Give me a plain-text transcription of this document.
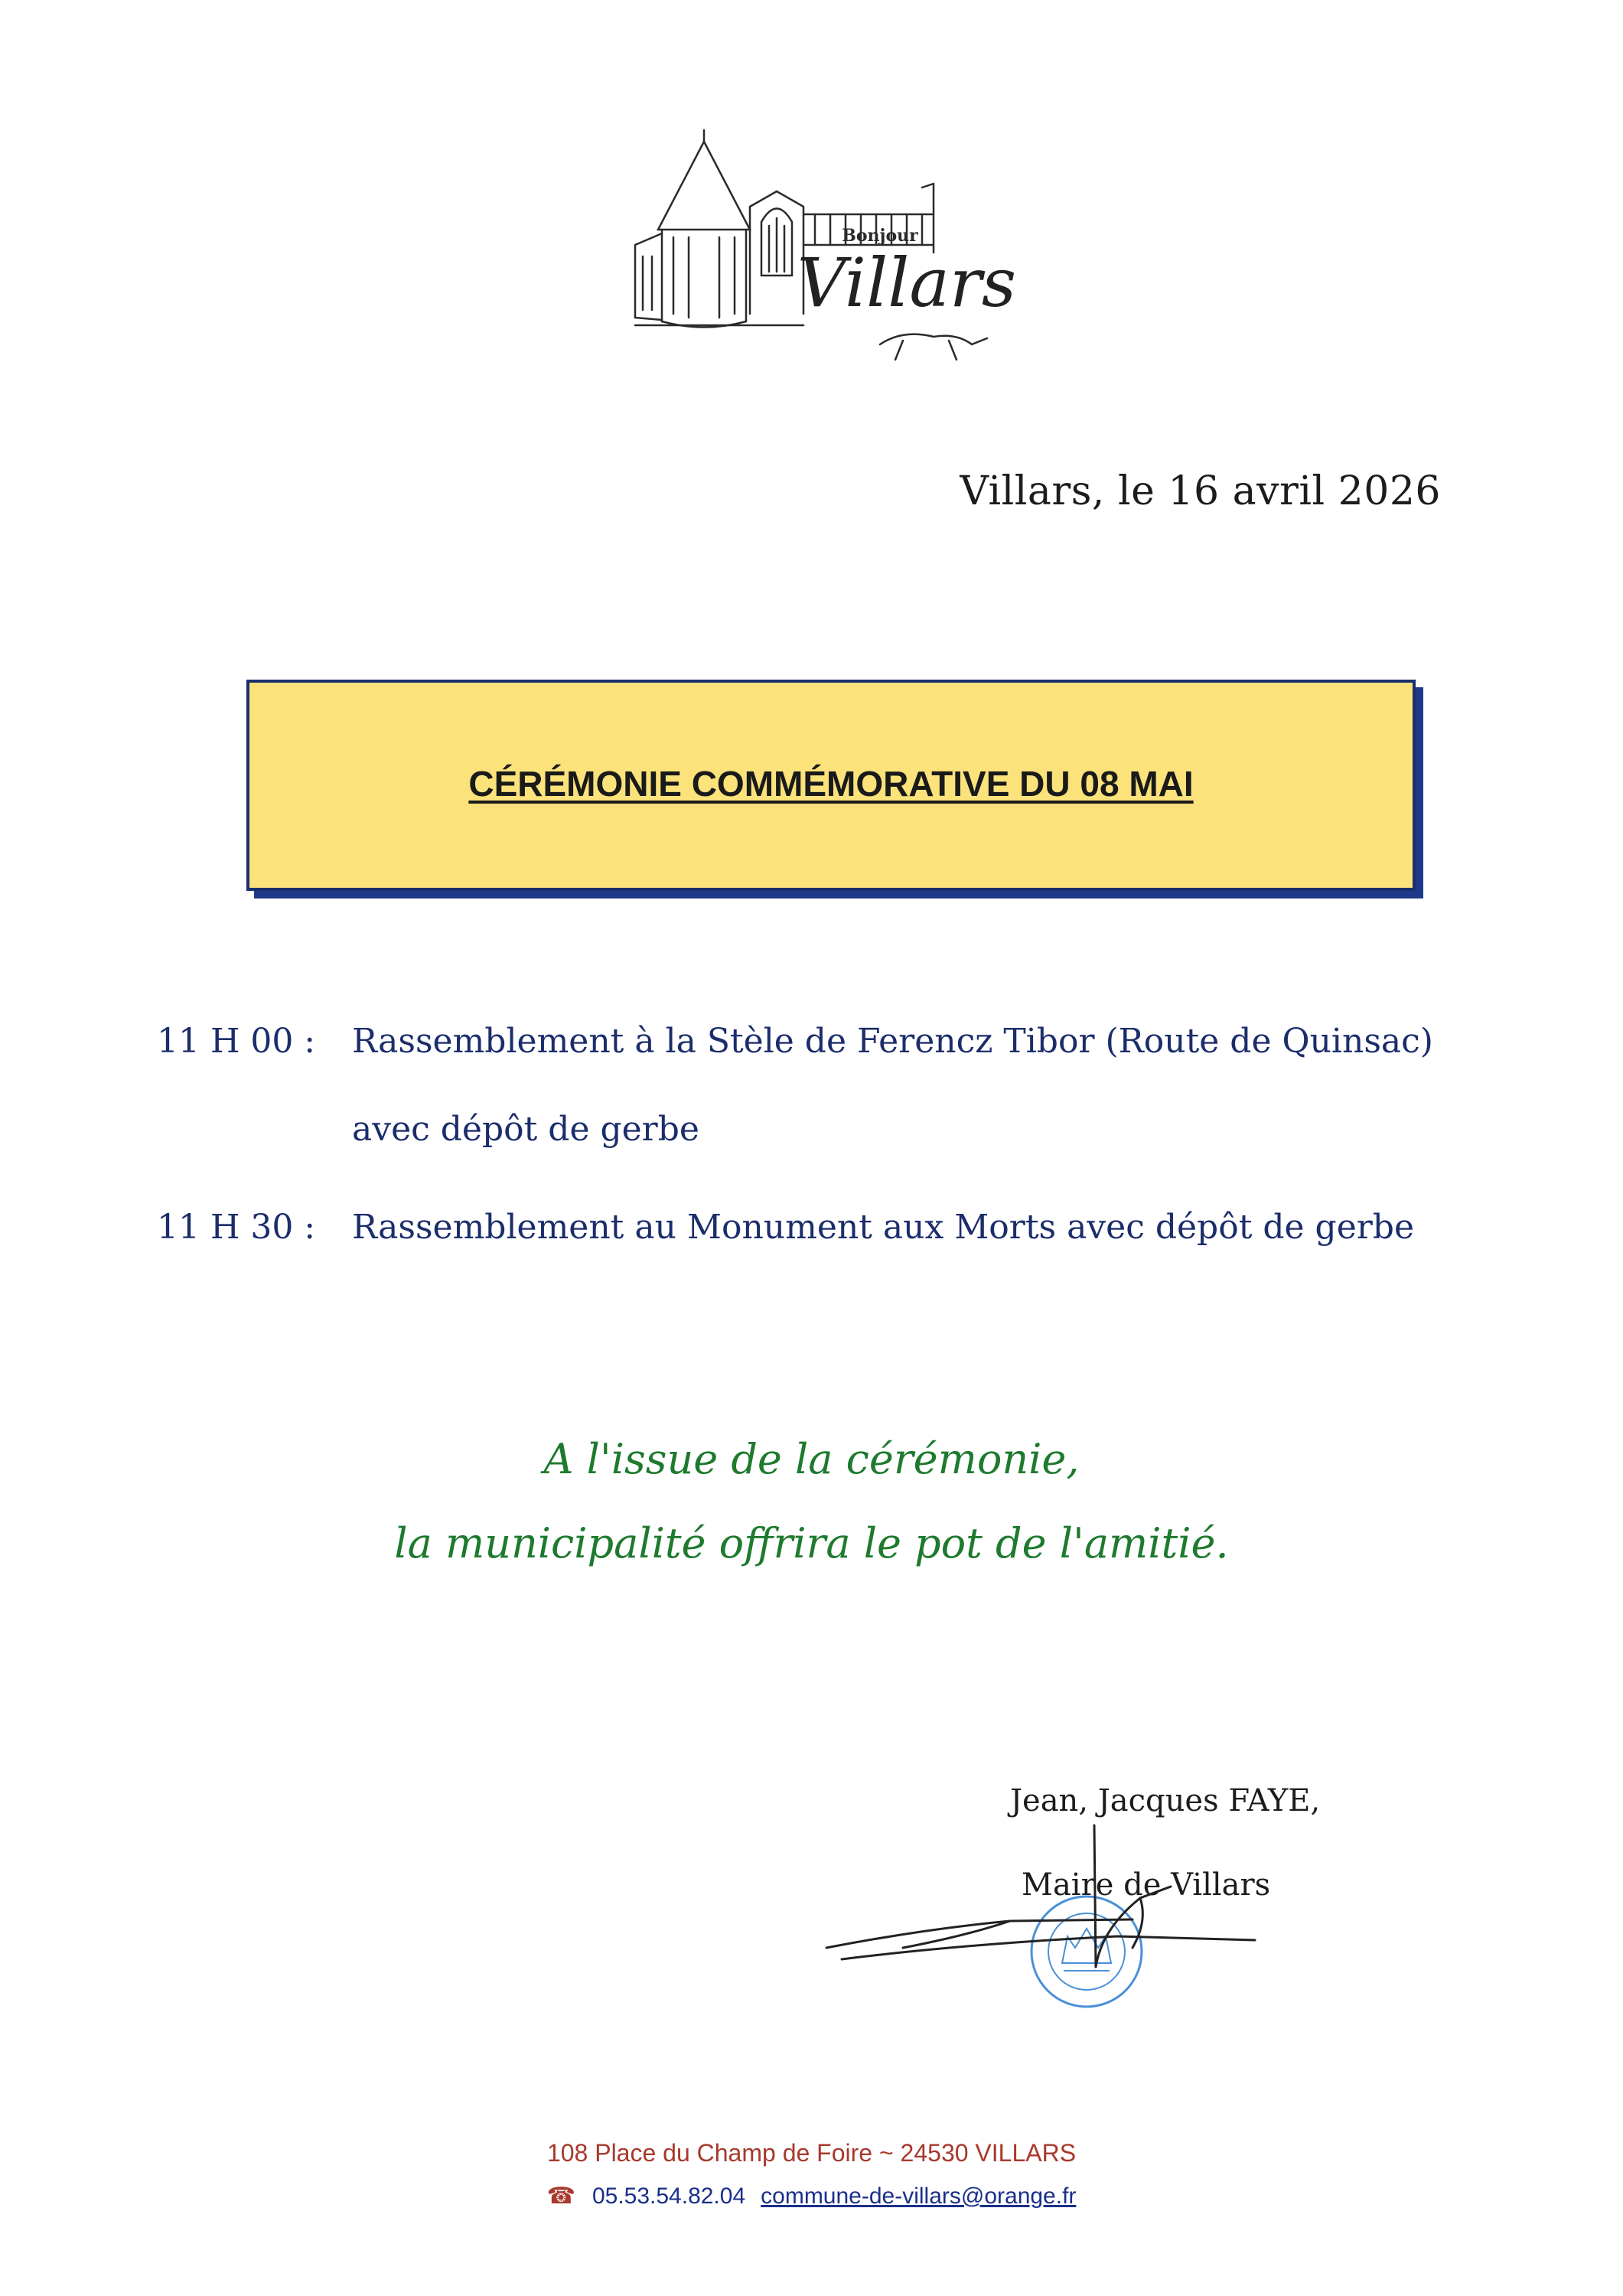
Bonjour
Villars
Villars, le 16 avril 2026
CÉRÉMONIE COMMÉMORATIVE DU 08 MAI
11 H 00 : Rassemblement à la Stèle de Ferencz Tibor (Route de Quinsac)
avec dépôt de gerbe
11 H 30 : Rassemblement au Monument aux Morts avec dépôt de gerbe
A l'issue de la cérémonie,
la municipalité offrira le pot de l'amitié.
Jean, Jacques FAYE,
Maire de Villars
108 Place du Champ de Foire ~ 24530 VILLARS
☎ 05.53.54.82.04 commune-de-villars@orange.fr
